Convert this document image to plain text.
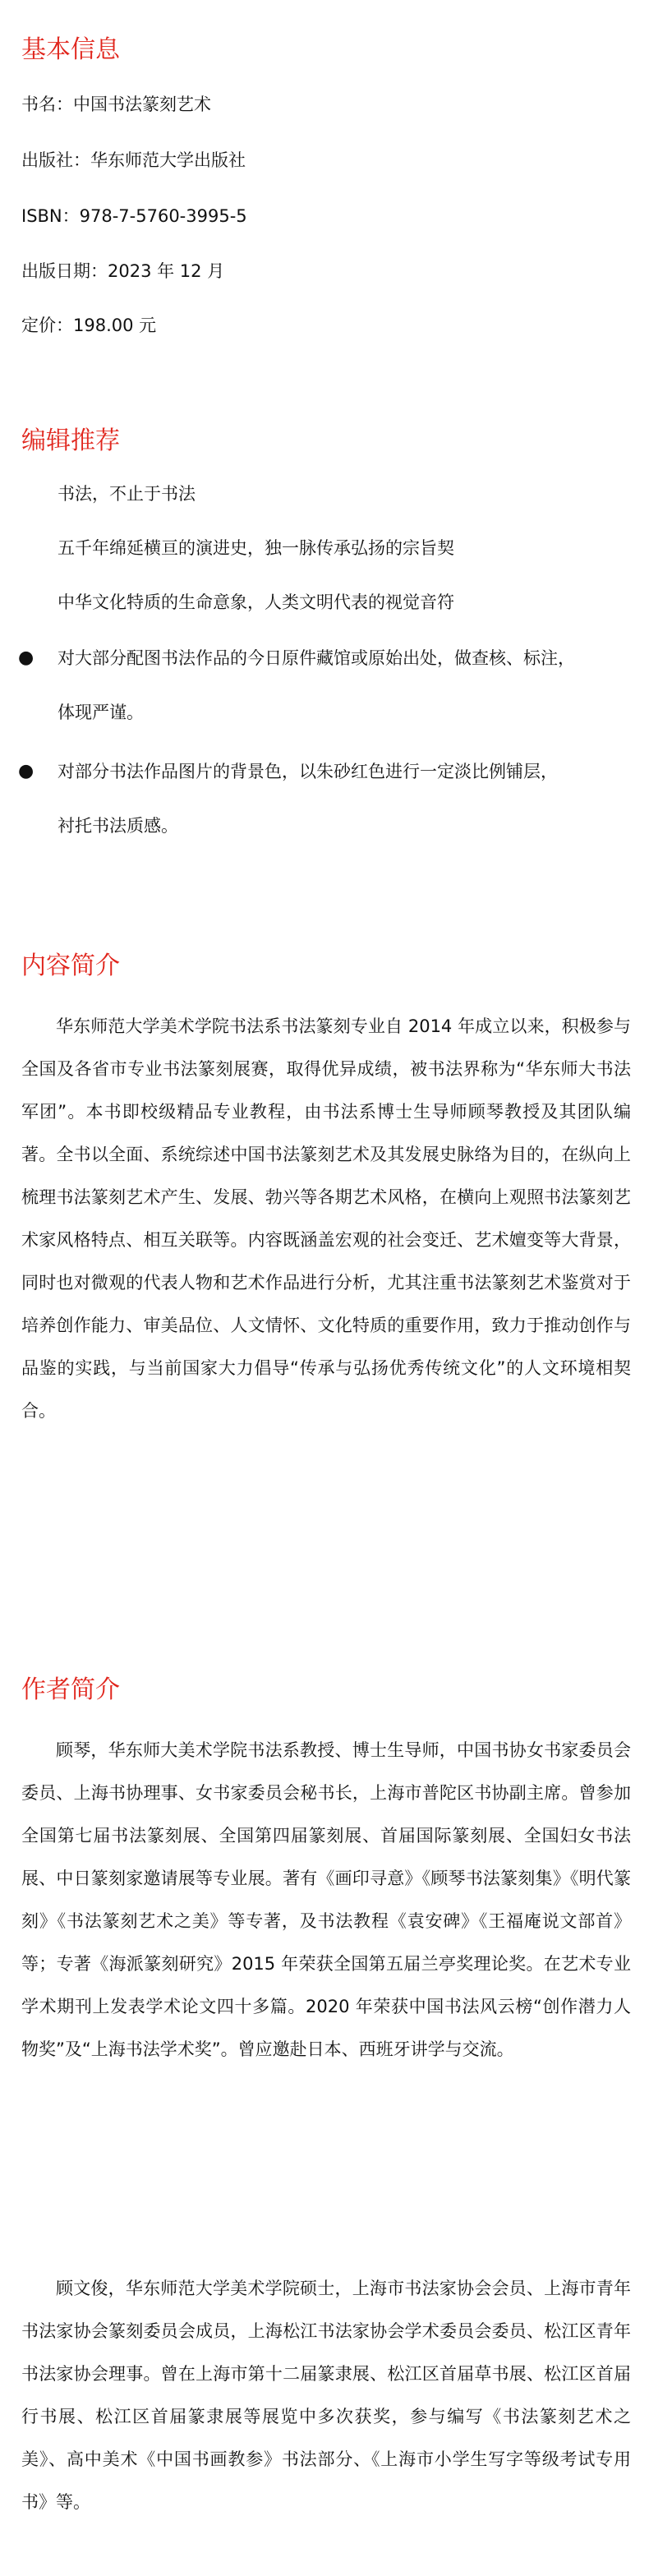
基本信息

书名：中国书法篆刻艺术

出版社：华东师范大学出版社

ISBN：978-7-5760-3995-5

出版日期：2023 年 12 月

定价：198.00 元

编辑推荐

书法，不止于书法

五千年绵延横亘的演进史，独一脉传承弘扬的宗旨契

中华文化特质的生命意象，人类文明代表的视觉音符

● 对大部分配图书法作品的今日原件藏馆或原始出处，做查核、标注，

体现严谨。

● 对部分书法作品图片的背景色，以朱砂红色进行一定淡比例铺层，

衬托书法质感。

内容简介

华东师范大学美术学院书法系书法篆刻专业自 2014 年成立以来，积极参与全国及各省市专业书法篆刻展赛，取得优异成绩，被书法界称为“华东师大书法军团”。本书即校级精品专业教程，由书法系博士生导师顾琴教授及其团队编著。全书以全面、系统综述中国书法篆刻艺术及其发展史脉络为目的，在纵向上梳理书法篆刻艺术产生、发展、勃兴等各期艺术风格，在横向上观照书法篆刻艺术家风格特点、相互关联等。内容既涵盖宏观的社会变迁、艺术嬗变等大背景，同时也对微观的代表人物和艺术作品进行分析，尤其注重书法篆刻艺术鉴赏对于培养创作能力、审美品位、人文情怀、文化特质的重要作用，致力于推动创作与品鉴的实践，与当前国家大力倡导“传承与弘扬优秀传统文化”的人文环境相契合。

作者简介

顾琴，华东师大美术学院书法系教授、博士生导师，中国书协女书家委员会委员、上海书协理事、女书家委员会秘书长，上海市普陀区书协副主席。曾参加全国第七届书法篆刻展、全国第四届篆刻展、首届国际篆刻展、全国妇女书法展、中日篆刻家邀请展等专业展。著有《画印寻意》《顾琴书法篆刻集》《明代篆刻》《书法篆刻艺术之美》等专著，及书法教程《袁安碑》《王福庵说文部首》等；专著《海派篆刻研究》2015 年荣获全国第五届兰亭奖理论奖。在艺术专业学术期刊上发表学术论文四十多篇。2020 年荣获中国书法风云榜“创作潜力人物奖”及“上海书法学术奖”。曾应邀赴日本、西班牙讲学与交流。

顾文俊，华东师范大学美术学院硕士，上海市书法家协会会员、上海市青年书法家协会篆刻委员会成员，上海松江书法家协会学术委员会委员、松江区青年书法家协会理事。曾在上海市第十二届篆隶展、松江区首届草书展、松江区首届行书展、松江区首届篆隶展等展览中多次获奖，参与编写《书法篆刻艺术之美》、高中美术《中国书画教参》书法部分、《上海市小学生写字等级考试专用书》等。
